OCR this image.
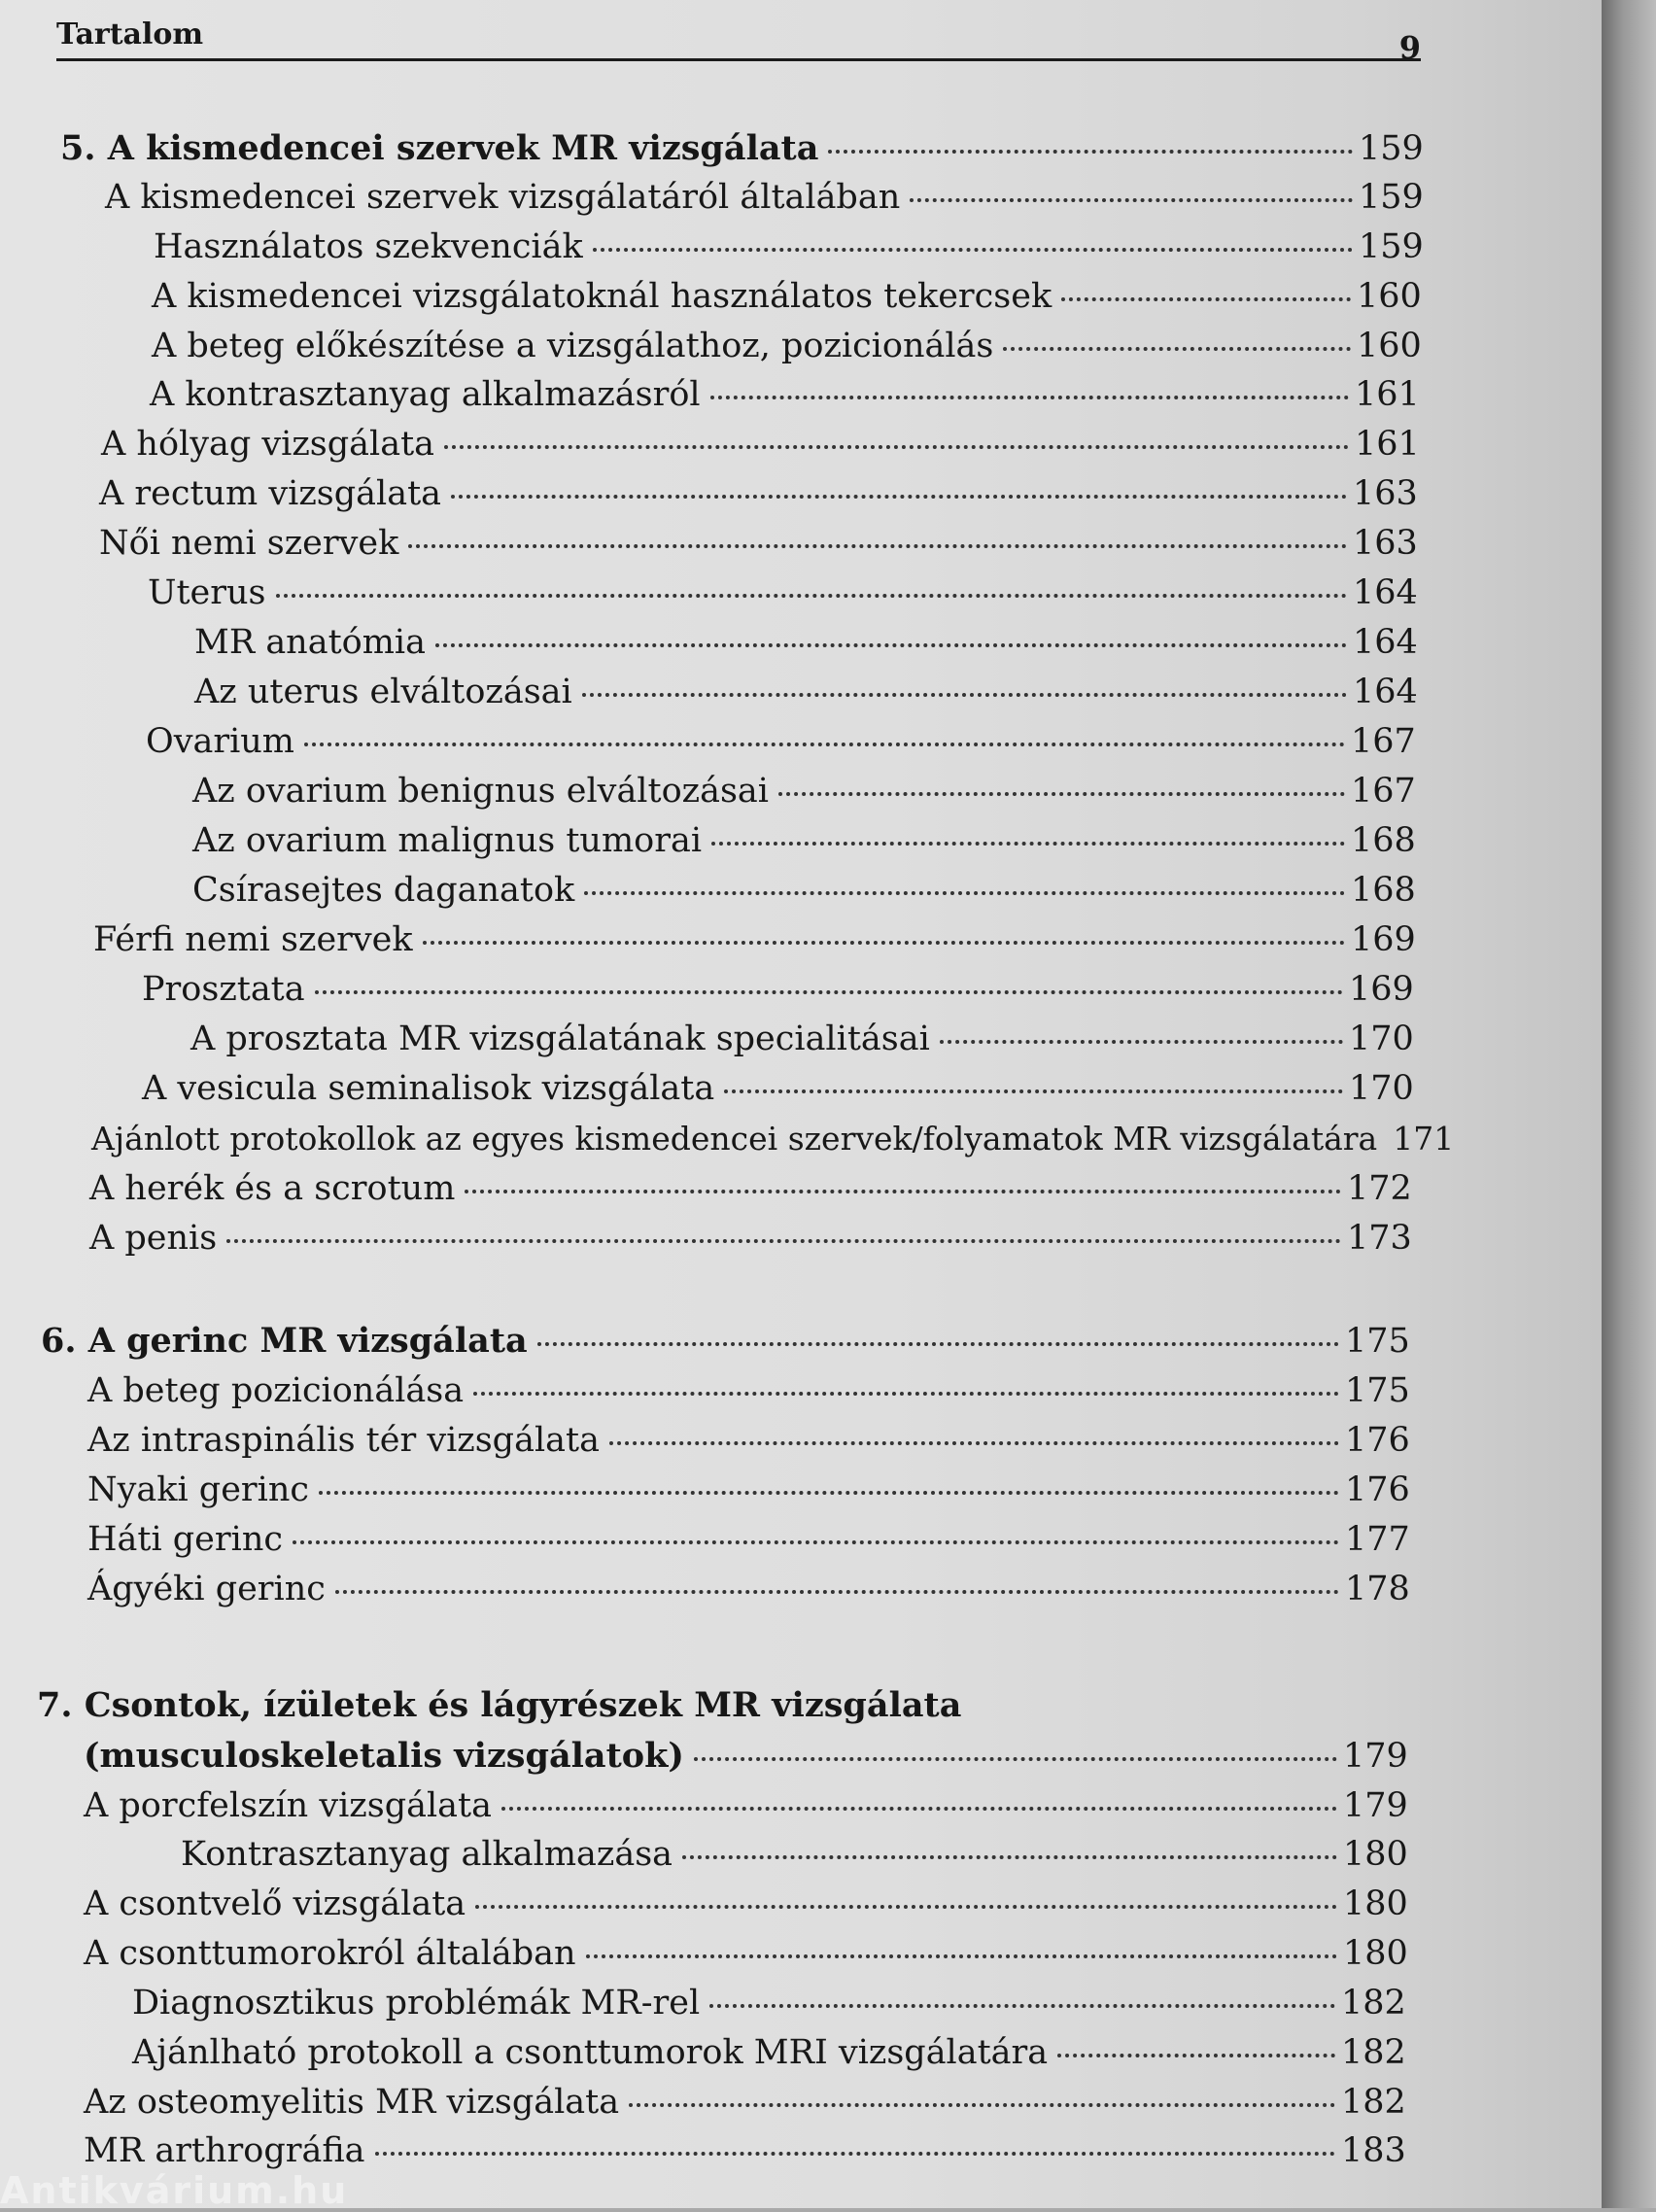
Tartalom	9
5. A kismedencei szervek MR vizsgálata	159
A kismedencei szervek vizsgálatáról általában	159
Használatos szekvenciák	159
A kismedencei vizsgálatoknál használatos tekercsek	160
A beteg előkészítése a vizsgálathoz, pozicionálás	160
A kontrasztanyag alkalmazásról	161
A hólyag vizsgálata	161
A rectum vizsgálata	163
Női nemi szervek	163
Uterus	164
MR anatómia	164
Az uterus elváltozásai	164
Ovarium	167
Az ovarium benignus elváltozásai	167
Az ovarium malignus tumorai	168
Csírasejtes daganatok	168
Férfi nemi szervek	169
Prosztata	169
A prosztata MR vizsgálatának specialitásai	170
A vesicula seminalisok vizsgálata	170
Ajánlott protokollok az egyes kismedencei szervek/folyamatok MR vizsgálatára 171
A herék és a scrotum	172
A penis	173
6. A gerinc MR vizsgálata	175
A beteg pozicionálása	175
Az intraspinális tér vizsgálata	176
Nyaki gerinc	176
Háti gerinc	177
Ágyéki gerinc	178
7. Csontok, ízületek és lágyrészek MR vizsgálata
(musculoskeletalis vizsgálatok)	179
A porcfelszín vizsgálata	179
Kontrasztanyag alkalmazása	180
A csontvelő vizsgálata	180
A csonttumorokról általában	180
Diagnosztikus problémák MR-rel	182
Ajánlható protokoll a csonttumorok MRI vizsgálatára	182
Az osteomyelitis MR vizsgálata	182
MR arthrográfia	183
Antikvárium.hu
